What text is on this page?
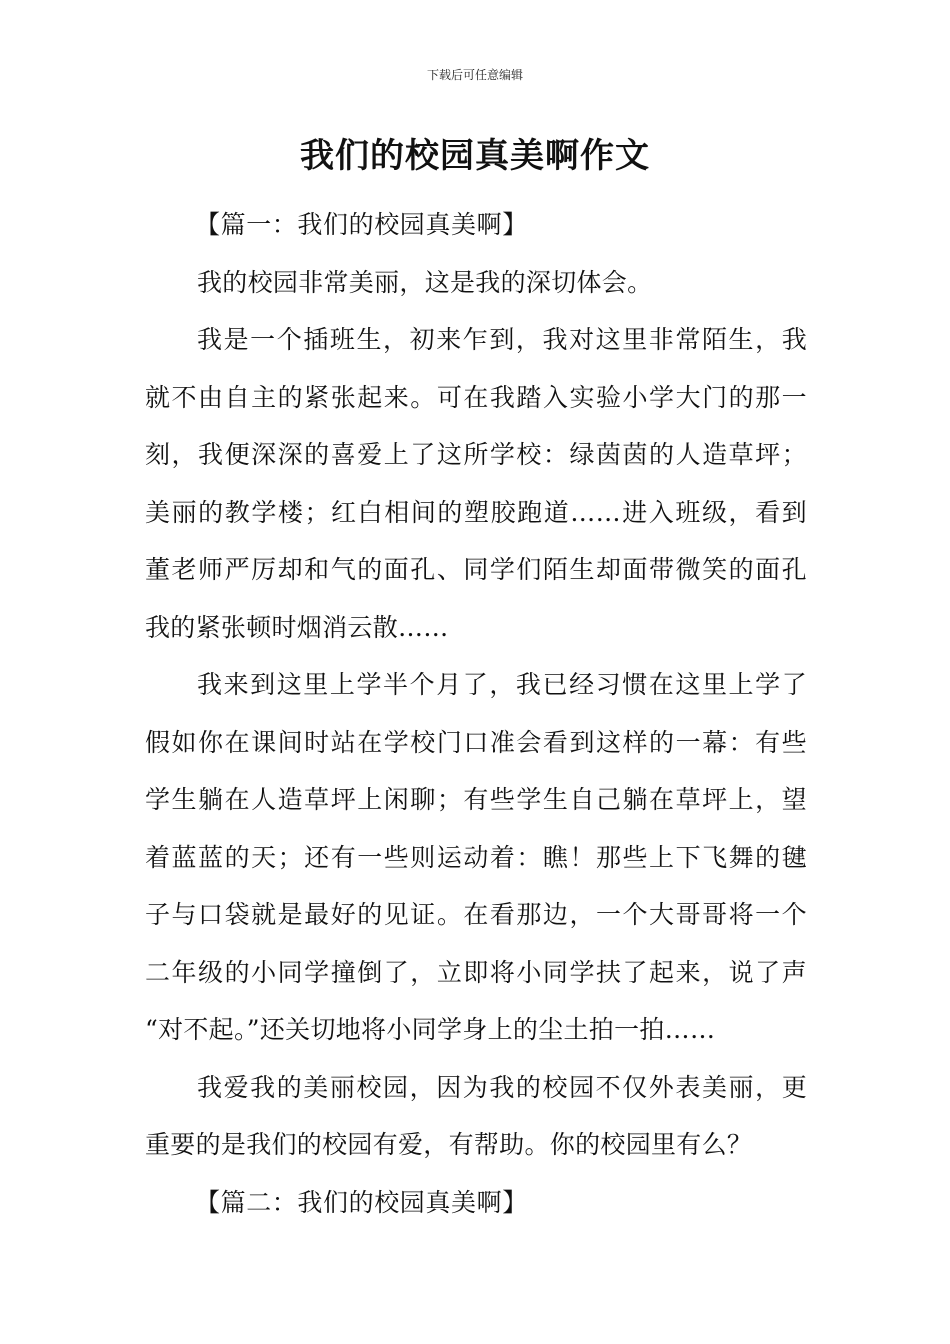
下载后可任意编辑
我们的校园真美啊作文
【篇一：我们的校园真美啊】
我的校园非常美丽，这是我的深切体会。
我是一个插班生，初来乍到，我对这里非常陌生，我
就不由自主的紧张起来。可在我踏入实验小学大门的那一
刻，我便深深的喜爱上了这所学校：绿茵茵的人造草坪；
美丽的教学楼；红白相间的塑胶跑道……进入班级，看到
董老师严厉却和气的面孔、同学们陌生却面带微笑的面孔
我的紧张顿时烟消云散……
我来到这里上学半个月了，我已经习惯在这里上学了
假如你在课间时站在学校门口准会看到这样的一幕：有些
学生躺在人造草坪上闲聊；有些学生自己躺在草坪上，望
着蓝蓝的天；还有一些则运动着：瞧！那些上下飞舞的毽
子与口袋就是最好的见证。在看那边，一个大哥哥将一个
二年级的小同学撞倒了，立即将小同学扶了起来，说了声
“对不起。”还关切地将小同学身上的尘土拍一拍……
我爱我的美丽校园，因为我的校园不仅外表美丽，更
重要的是我们的校园有爱，有帮助。你的校园里有么？
【篇二：我们的校园真美啊】
